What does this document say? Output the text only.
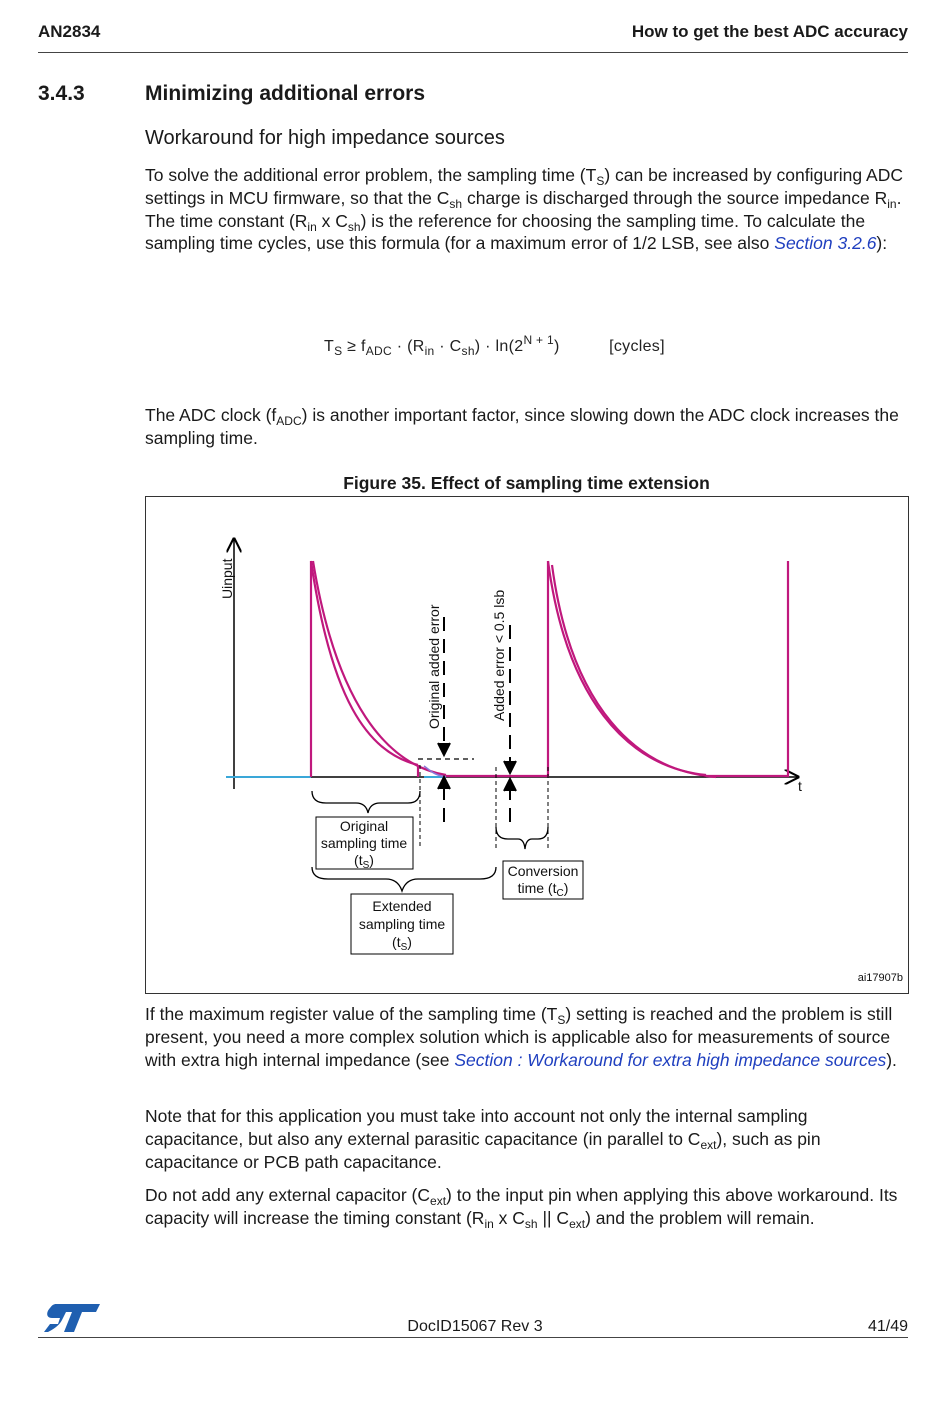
AN2834	How to get the best ADC accuracy
3.4.3	Minimizing additional errors
Workaround for high impedance sources

To solve the additional error problem, the sampling time $(T_S)$ can be increased by configuring ADC settings in MCU firmware, so that the $C_{sh}$ charge is discharged through the source impedance $R_{in}$. The time constant ($R_{in}$ x $C_{sh}$) is the reference for choosing the sampling time. To calculate the sampling time cycles, use this formula (for a maximum error of 1/2 LSB, see also Section 3.2.6):

$T_S \ge f_{ADC} \cdot (R_{in} \cdot C_{sh}) \cdot \ln(2^{N + 1})$	[cycles]

The ADC clock $(f_{ADC})$ is another important factor, since slowing down the ADC clock increases the sampling time.

Figure 35. Effect of sampling time extension
Uinput
t
Original added error	Added error < 0.5 lsb
Original
sampling time
$(t_S)$
Extended
sampling time
$(t_S)$
Conversion
time $(t_C)$
ai17907b

If the maximum register value of the sampling time $(T_S)$ setting is reached and the problem is still present, you need a more complex solution which is applicable also for measurements of source with extra high internal impedance (see Section : Workaround for extra high impedance sources).

Note that for this application you must take into account not only the internal sampling capacitance, but also any external parasitic capacitance (in parallel to $C_{ext}$), such as pin capacitance or PCB path capacitance.

Do not add any external capacitor $(C_{ext})$ to the input pin when applying this above workaround. Its capacity will increase the timing constant ($R_{in}$ x $C_{sh}$ || $C_{ext}$) and the problem will remain.

DocID15067 Rev 3	41/49
